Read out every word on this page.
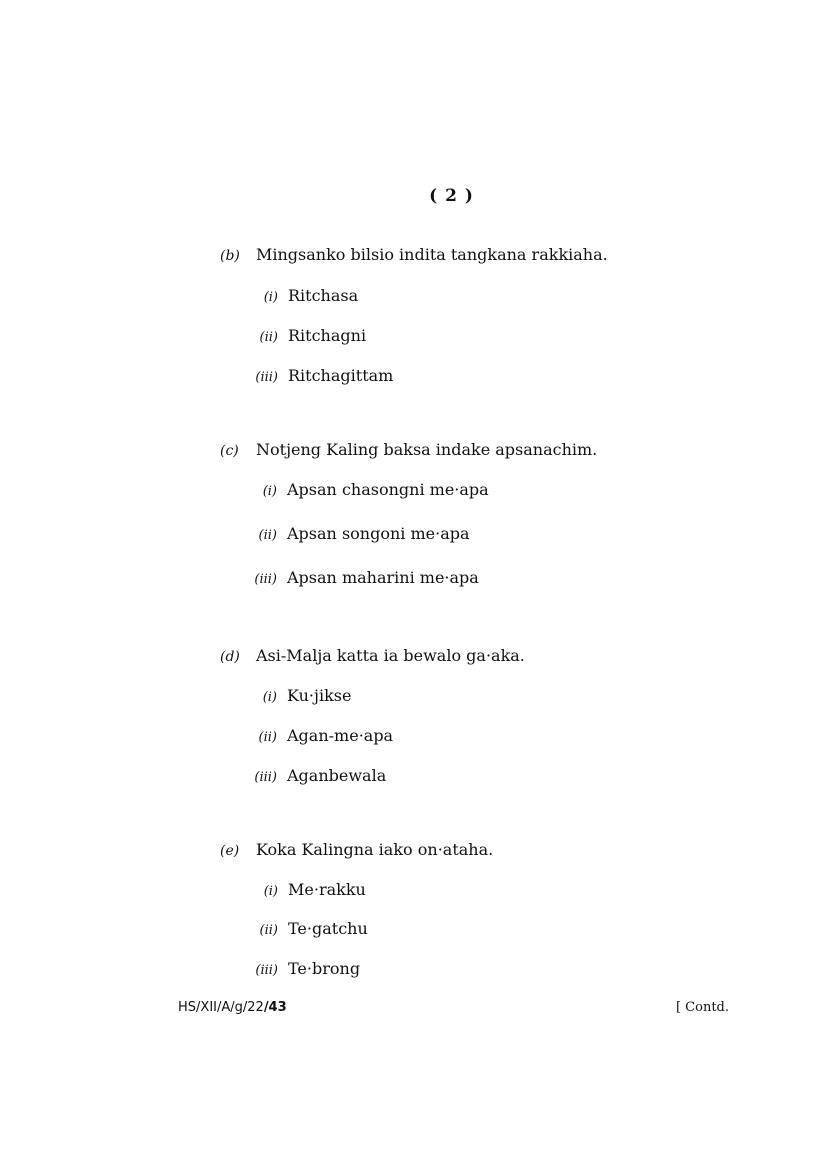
( 2 )
(b) Mingsanko bilsio indita tangkana rakkiaha.
(i) Ritchasa
(ii) Ritchagni
(iii) Ritchagittam
(c) Notjeng Kaling baksa indake apsanachim.
(i) Apsan chasongni me·apa
(ii) Apsan songoni me·apa
(iii) Apsan maharini me·apa
(d) Asi-Malja katta ia bewalo ga·aka.
(i) Ku·jikse
(ii) Agan-me·apa
(iii) Aganbewala
(e) Koka Kalingna iako on·ataha.
(i) Me·rakku
(ii) Te·gatchu
(iii) Te·brong
HS/XII/A/g/22/43	[ Contd.
